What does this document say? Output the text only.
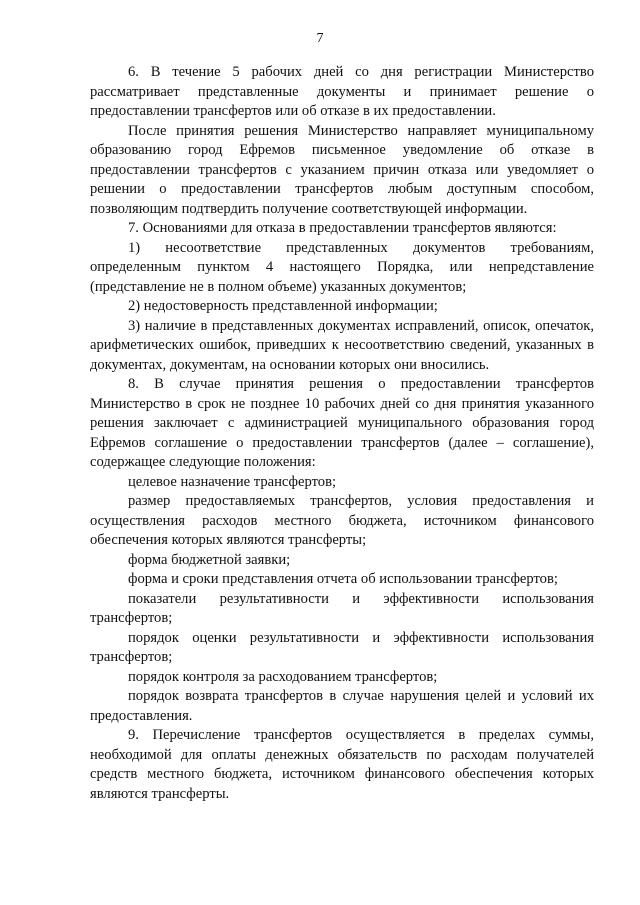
7

6. В течение 5 рабочих дней со дня регистрации Министерство рассматривает представленные документы и принимает решение о предоставлении трансфертов или об отказе в их предоставлении.

После принятия решения Министерство направляет муниципальному образованию город Ефремов письменное уведомление об отказе в предоставлении трансфертов с указанием причин отказа или уведомляет о решении о предоставлении трансфертов любым доступным способом, позволяющим подтвердить получение соответствующей информации.

7. Основаниями для отказа в предоставлении трансфертов являются:

1) несоответствие представленных документов требованиям, определенным пунктом 4 настоящего Порядка, или непредставление (представление не в полном объеме) указанных документов;

2) недостоверность представленной информации;

3) наличие в представленных документах исправлений, описок, опечаток, арифметических ошибок, приведших к несоответствию сведений, указанных в документах, документам, на основании которых они вносились.

8. В случае принятия решения о предоставлении трансфертов Министерство в срок не позднее 10 рабочих дней со дня принятия указанного решения заключает с администрацией муниципального образования город Ефремов соглашение о предоставлении трансфертов (далее – соглашение), содержащее следующие положения:

целевое назначение трансфертов;

размер предоставляемых трансфертов, условия предоставления и осуществления расходов местного бюджета, источником финансового обеспечения которых являются трансферты;

форма бюджетной заявки;

форма и сроки представления отчета об использовании трансфертов;

показатели результативности и эффективности использования трансфертов;

порядок оценки результативности и эффективности использования трансфертов;

порядок контроля за расходованием трансфертов;

порядок возврата трансфертов в случае нарушения целей и условий их предоставления.

9. Перечисление трансфертов осуществляется в пределах суммы, необходимой для оплаты денежных обязательств по расходам получателей средств местного бюджета, источником финансового обеспечения которых являются трансферты.
